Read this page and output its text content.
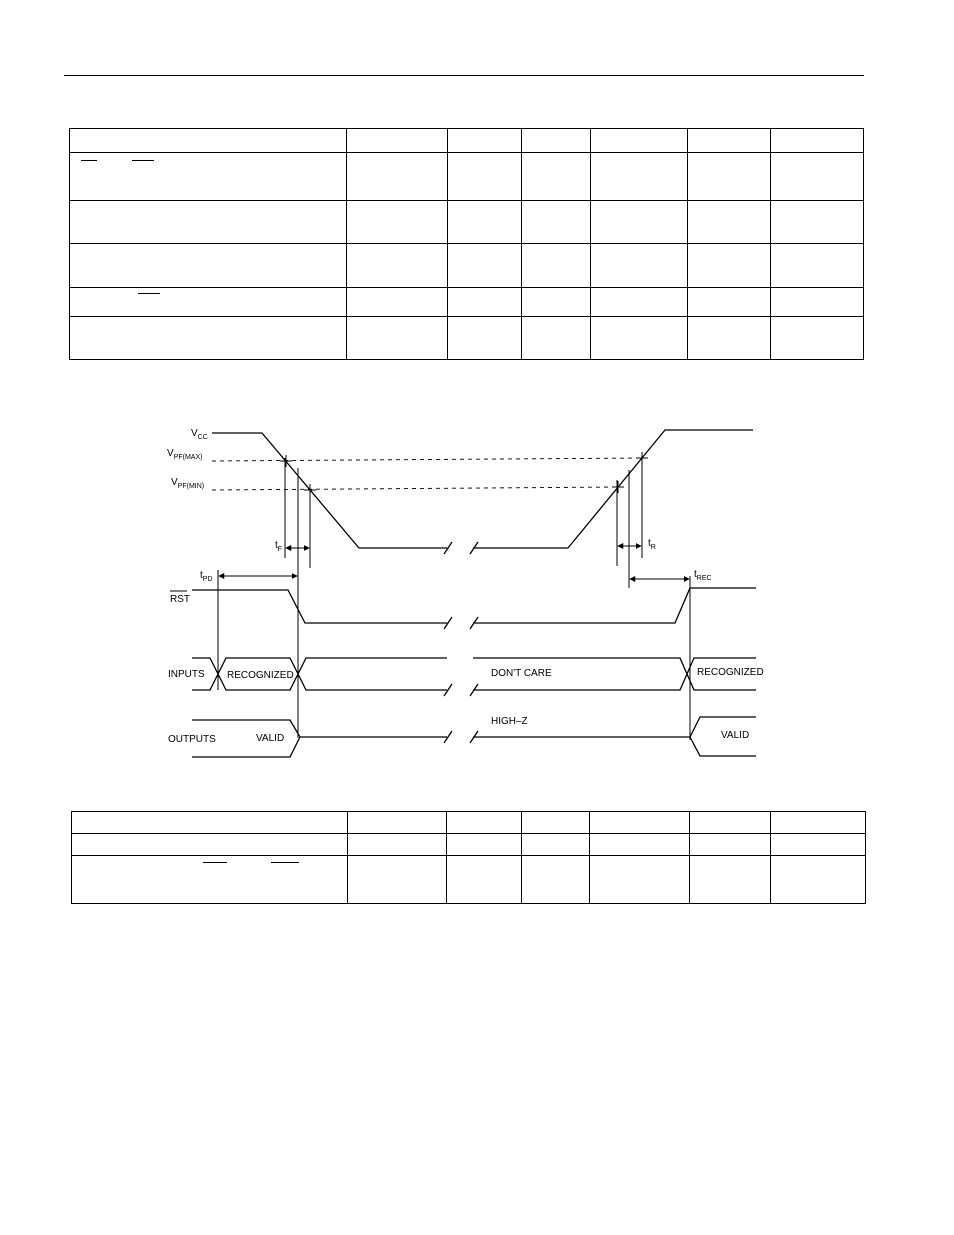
$V_{CC}$
$V_{PF(MAX)}$
$V_{PF(MIN)}$
$t_F$
$t_R$
$t_{PD}$	$t_{REC}$
RST
INPUTS RECOGNIZED	DON'T CARE	RECOGNIZED
OUTPUTS	VALID
HIGH–Z
VALID
